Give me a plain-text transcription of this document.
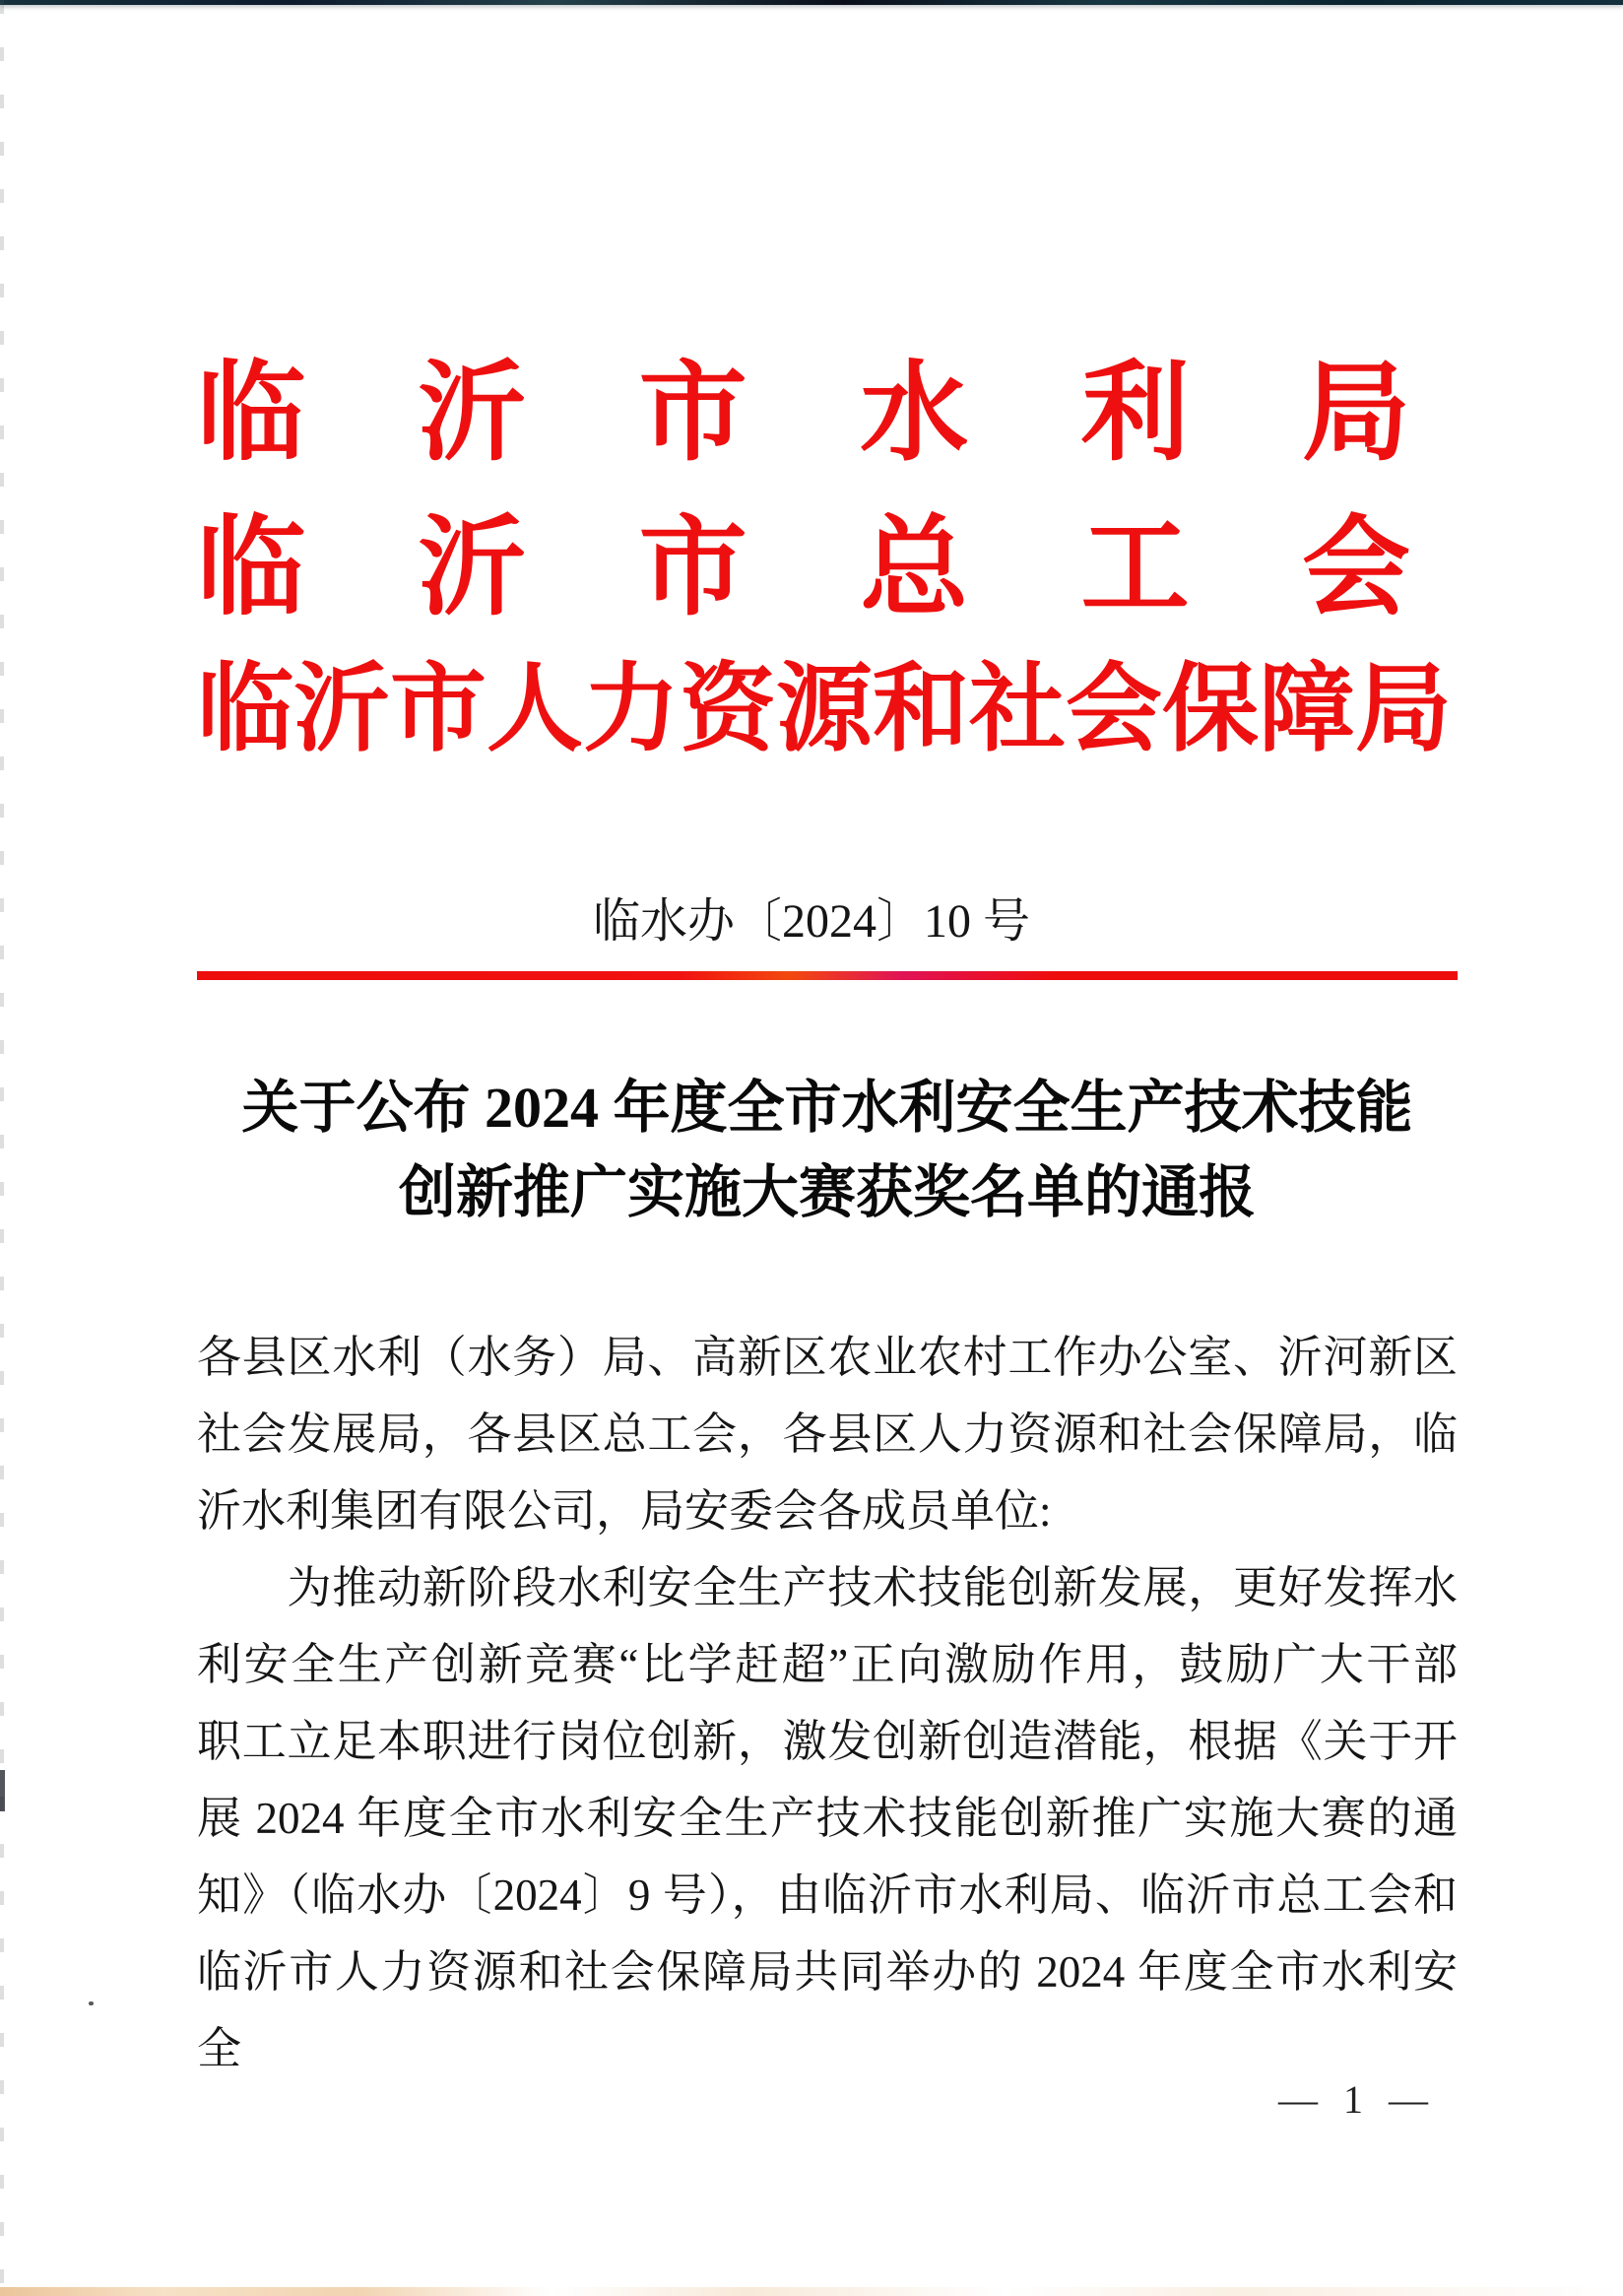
临沂市水利局
临沂市总工会
临沂市人力资源和社会保障局
临水办〔2024〕10 号
关于公布 2024 年度全市水利安全生产技术技能
创新推广实施大赛获奖名单的通报
各县区水利（水务）局、高新区农业农村工作办公室、沂河新区
社会发展局，各县区总工会，各县区人力资源和社会保障局，临
沂水利集团有限公司，局安委会各成员单位:
　　为推动新阶段水利安全生产技术技能创新发展，更好发挥水
利安全生产创新竞赛“比学赶超”正向激励作用，鼓励广大干部
职工立足本职进行岗位创新，激发创新创造潜能，根据《关于开
展 2024 年度全市水利安全生产技术技能创新推广实施大赛的通
知》（临水办〔2024〕9 号），由临沂市水利局、临沂市总工会和
临沂市人力资源和社会保障局共同举办的 2024 年度全市水利安全
— 1 —
